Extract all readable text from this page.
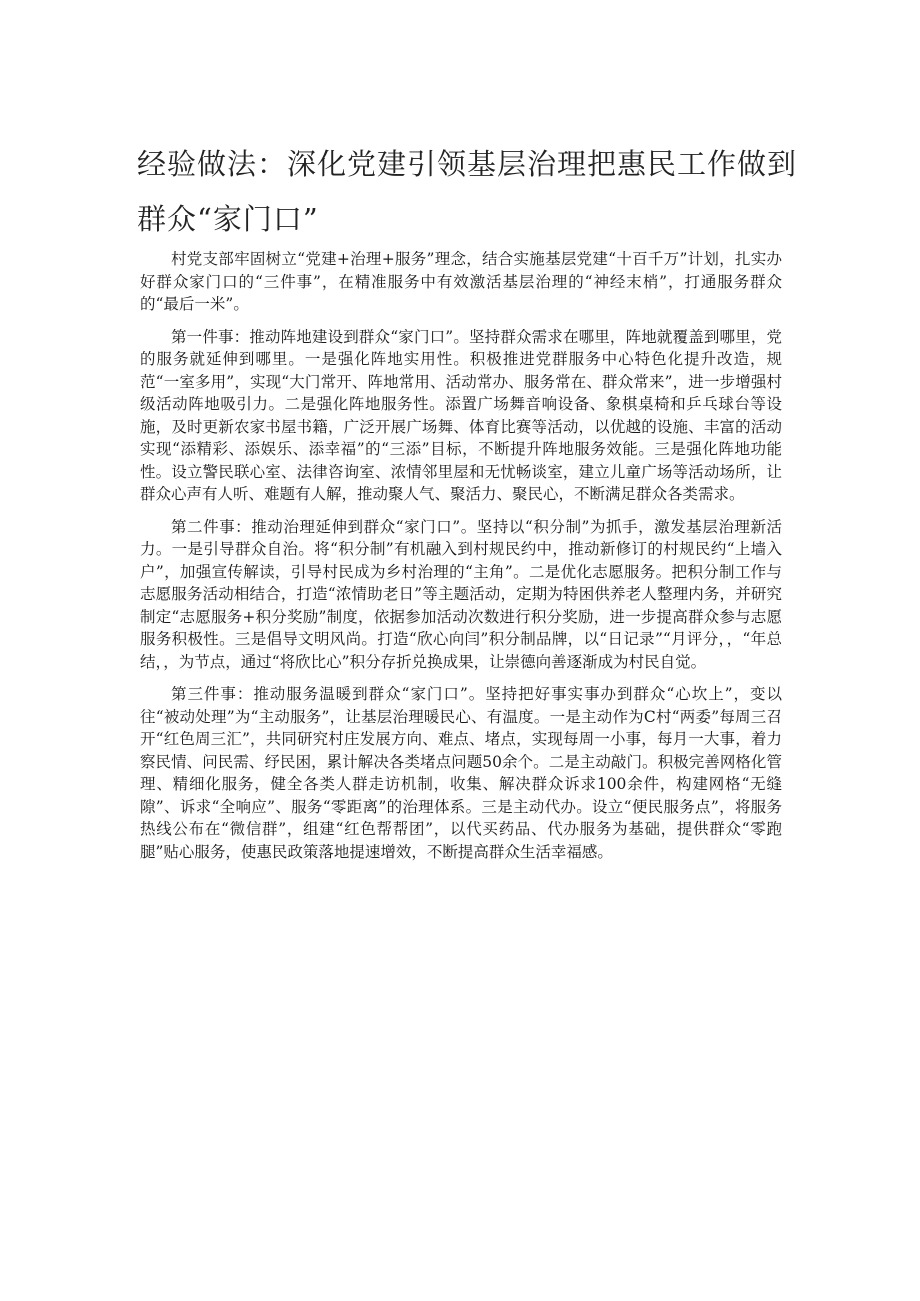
经验做法：深化党建引领基层治理把惠民工作做到群众“家门口”

村党支部牢固树立“党建+治理+服务”理念，结合实施基层党建“十百千万”计划，扎实办好群众家门口的“三件事”，在精准服务中有效激活基层治理的“神经末梢”，打通服务群众的“最后一米”。

第一件事：推动阵地建设到群众“家门口”。坚持群众需求在哪里，阵地就覆盖到哪里，党的服务就延伸到哪里。一是强化阵地实用性。积极推进党群服务中心特色化提升改造，规范“一室多用”，实现“大门常开、阵地常用、活动常办、服务常在、群众常来”，进一步增强村级活动阵地吸引力。二是强化阵地服务性。添置广场舞音响设备、象棋桌椅和乒乓球台等设施，及时更新农家书屋书籍，广泛开展广场舞、体育比赛等活动，以优越的设施、丰富的活动实现“添精彩、添娱乐、添幸福”的“三添”目标，不断提升阵地服务效能。三是强化阵地功能性。设立警民联心室、法律咨询室、浓情邻里屋和无忧畅谈室，建立儿童广场等活动场所，让群众心声有人听、难题有人解，推动聚人气、聚活力、聚民心，不断满足群众各类需求。

第二件事：推动治理延伸到群众“家门口”。坚持以“积分制”为抓手，激发基层治理新活力。一是引导群众自治。将“积分制”有机融入到村规民约中，推动新修订的村规民约“上墙入户”，加强宣传解读，引导村民成为乡村治理的“主角”。二是优化志愿服务。把积分制工作与志愿服务活动相结合，打造“浓情助老日”等主题活动，定期为特困供养老人整理内务，并研究制定“志愿服务+积分奖励”制度，依据参加活动次数进行积分奖励，进一步提高群众参与志愿服务积极性。三是倡导文明风尚。打造“欣心向闫”积分制品牌，以“日记录”“月评分，，“年总结，，为节点，通过“将欣比心”积分存折兑换成果，让崇德向善逐渐成为村民自觉。

第三件事：推动服务温暖到群众“家门口”。坚持把好事实事办到群众“心坎上”，变以往“被动处理”为“主动服务”，让基层治理暖民心、有温度。一是主动作为C村“两委”每周三召开“红色周三汇”，共同研究村庄发展方向、难点、堵点，实现每周一小事，每月一大事，着力察民情、问民需、纾民困，累计解决各类堵点问题50余个。二是主动敲门。积极完善网格化管理、精细化服务，健全各类人群走访机制，收集、解决群众诉求100余件，构建网格“无缝隙”、诉求“全响应”、服务“零距离”的治理体系。三是主动代办。设立“便民服务点”，将服务热线公布在“微信群”，组建“红色帮帮团”，以代买药品、代办服务为基础，提供群众“零跑腿”贴心服务，使惠民政策落地提速增效，不断提高群众生活幸福感。
